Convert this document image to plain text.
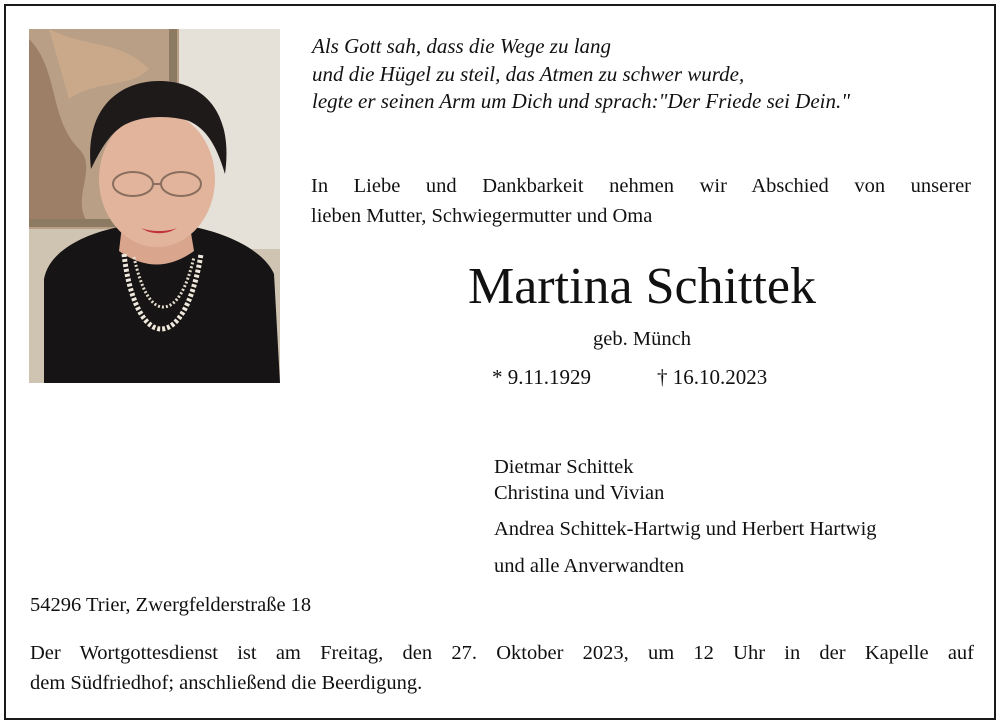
Als Gott sah, dass die Wege zu lang
und die Hügel zu steil, das Atmen zu schwer wurde,
legte er seinen Arm um Dich und sprach:"Der Friede sei Dein."
In Liebe und Dankbarkeit nehmen wir Abschied von unserer
lieben Mutter, Schwiegermutter und Oma
Martina Schittek
geb. Münch
* 9.11.1929	† 16.10.2023
Dietmar Schittek
Christina und Vivian
Andrea Schittek-Hartwig und Herbert Hartwig
und alle Anverwandten
54296 Trier, Zwergfelderstraße 18
Der Wortgottesdienst ist am Freitag, den 27. Oktober 2023, um 12 Uhr in der Kapelle auf
dem Südfriedhof; anschließend die Beerdigung.
